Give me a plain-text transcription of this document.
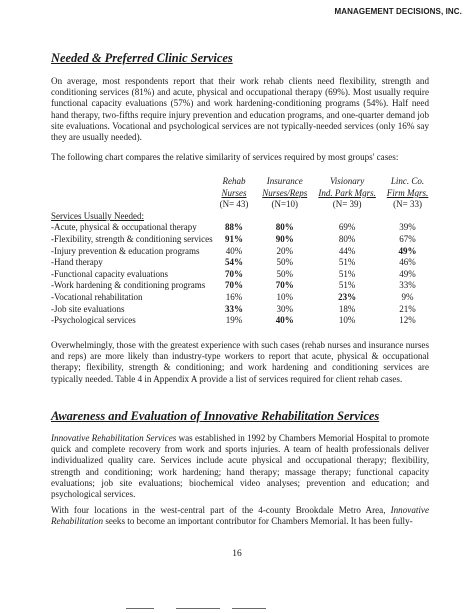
MANAGEMENT DECISIONS, INC.
Needed & Preferred Clinic Services

On average, most respondents report that their work rehab clients need flexibility, strength and conditioning services (81%) and acute, physical and occupational therapy (69%). Most usually require functional capacity evaluations (57%) and work hardening-conditioning programs (54%). Half need hand therapy, two-fifths require injury prevention and education programs, and one-quarter demand job site evaluations. Vocational and psychological services are not typically-needed services (only 16% say they are usually needed).

The following chart compares the relative similarity of services required by most groups' cases:

	Rehab	Insurance	Visionary	Linc. Co.
	Nurses	Nurses/Reps	Ind. Park Mgrs.	Firm Mgrs.
	(N= 43)	(N=10)	(N= 39)	(N= 33)
Services Usually Needed:				
-Acute, physical & occupational therapy	88%	80%	69%	39%
-Flexibility, strength & conditioning services	91%	90%	80%	67%
-Injury prevention & education programs	40%	20%	44%	49%
-Hand therapy	54%	50%	51%	46%
-Functional capacity evaluations	70%	50%	51%	49%
-Work hardening & conditioning programs	70%	70%	51%	33%
-Vocational rehabilitation	16%	10%	23%	9%
-Job site evaluations	33%	30%	18%	21%
-Psychological services	19%	40%	10%	12%

Overwhelmingly, those with the greatest experience with such cases (rehab nurses and insurance nurses and reps) are more likely than industry-type workers to report that acute, physical & occupational therapy; flexibility, strength & conditioning; and work hardening and conditioning services are typically needed. Table 4 in Appendix A provide a list of services required for client rehab cases.

Awareness and Evaluation of Innovative Rehabilitation Services

Innovative Rehabilitation Services was established in 1992 by Chambers Memorial Hospital to promote quick and complete recovery from work and sports injuries. A team of health professionals deliver individualized quality care. Services include acute physical and occupational therapy; flexibility, strength and conditioning; work hardening; hand therapy; massage therapy; functional capacity evaluations; job site evaluations; biochemical video analyses; prevention and education; and psychological services.

With four locations in the west-central part of the 4-county Brookdale Metro Area, Innovative Rehabilitation seeks to become an important contributor for Chambers Memorial. It has been fully-

16
